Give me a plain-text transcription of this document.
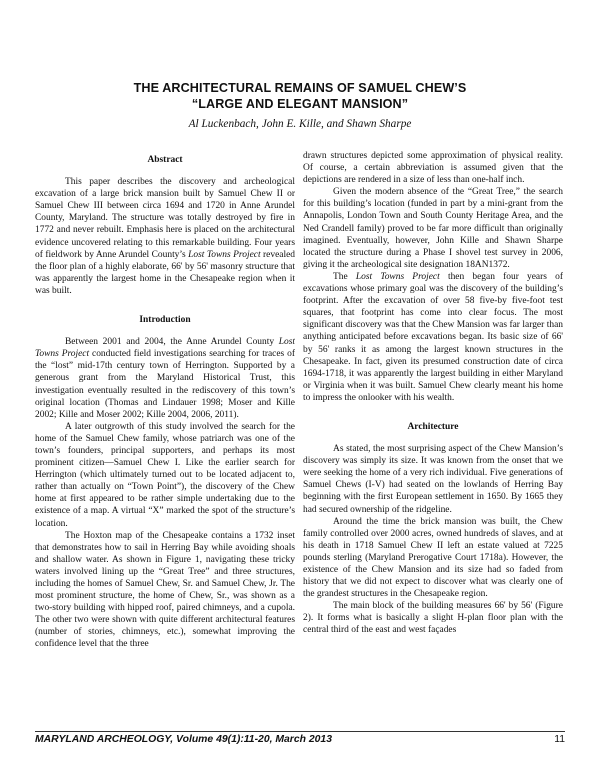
THE ARCHITECTURAL REMAINS OF SAMUEL CHEW’S
“LARGE AND ELEGANT MANSION”
Al Luckenbach, John E. Kille, and Shawn Sharpe
Abstract

This paper describes the discovery and archeological excavation of a large brick mansion built by Samuel Chew II or Samuel Chew III between circa 1694 and 1720 in Anne Arundel County, Maryland. The structure was totally destroyed by fire in 1772 and never rebuilt. Emphasis here is placed on the architectural evidence uncovered relating to this remarkable building. Four years of fieldwork by Anne Arundel County’s Lost Towns Project revealed the floor plan of a highly elaborate, 66' by 56' masonry structure that was apparently the largest home in the Chesapeake region when it was built.

Introduction

Between 2001 and 2004, the Anne Arundel County Lost Towns Project conducted field investigations searching for traces of the “lost” mid-17th century town of Herrington. Supported by a generous grant from the Maryland Historical Trust, this investigation eventually resulted in the rediscovery of this town’s original location (Thomas and Lindauer 1998; Moser and Kille 2002; Kille and Moser 2002; Kille 2004, 2006, 2011).

A later outgrowth of this study involved the search for the home of the Samuel Chew family, whose patriarch was one of the town’s founders, principal supporters, and perhaps its most prominent citizen—Samuel Chew I. Like the earlier search for Herrington (which ultimately turned out to be located adjacent to, rather than actually on “Town Point”), the discovery of the Chew home at first appeared to be rather simple undertaking due to the existence of a map. A virtual “X” marked the spot of the structure’s location.

The Hoxton map of the Chesapeake contains a 1732 inset that demonstrates how to sail in Herring Bay while avoiding shoals and shallow water. As shown in Figure 1, navigating these tricky waters involved lining up the “Great Tree” and three structures, including the homes of Samuel Chew, Sr. and Samuel Chew, Jr. The most prominent structure, the home of Chew, Sr., was shown as a two-story building with hipped roof, paired chimneys, and a cupola. The other two were shown with quite different architectural features (number of stories, chimneys, etc.), somewhat improving the confidence level that the three

drawn structures depicted some approximation of physical reality. Of course, a certain abbreviation is assumed given that the depictions are rendered in a size of less than one-half inch.

Given the modern absence of the “Great Tree,” the search for this building’s location (funded in part by a mini-grant from the Annapolis, London Town and South County Heritage Area, and the Ned Crandell family) proved to be far more difficult than originally imagined. Eventually, however, John Kille and Shawn Sharpe located the structure during a Phase I shovel test survey in 2006, giving it the archeological site designation 18AN1372.

The Lost Towns Project then began four years of excavations whose primary goal was the discovery of the building’s footprint. After the excavation of over 58 five-by five-foot test squares, that footprint has come into clear focus. The most significant discovery was that the Chew Mansion was far larger than anything anticipated before excavations began. Its basic size of 66' by 56' ranks it as among the largest known structures in the Chesapeake. In fact, given its presumed construction date of circa 1694-1718, it was apparently the largest building in either Maryland or Virginia when it was built. Samuel Chew clearly meant his home to impress the onlooker with his wealth.

Architecture

As stated, the most surprising aspect of the Chew Mansion’s discovery was simply its size. It was known from the onset that we were seeking the home of a very rich individual. Five generations of Samuel Chews (I-V) had seated on the lowlands of Herring Bay beginning with the first European settlement in 1650. By 1665 they had secured ownership of the ridgeline.

Around the time the brick mansion was built, the Chew family controlled over 2000 acres, owned hundreds of slaves, and at his death in 1718 Samuel Chew II left an estate valued at 7225 pounds sterling (Maryland Prerogative Court 1718a). However, the existence of the Chew Mansion and its size had so faded from history that we did not expect to discover what was clearly one of the grandest structures in the Chesapeake region.

The main block of the building measures 66' by 56' (Figure 2). It forms what is basically a slight H-plan floor plan with the central third of the east and west façades

MARYLAND ARCHEOLOGY, Volume 49(1):11-20, March 2013	11
